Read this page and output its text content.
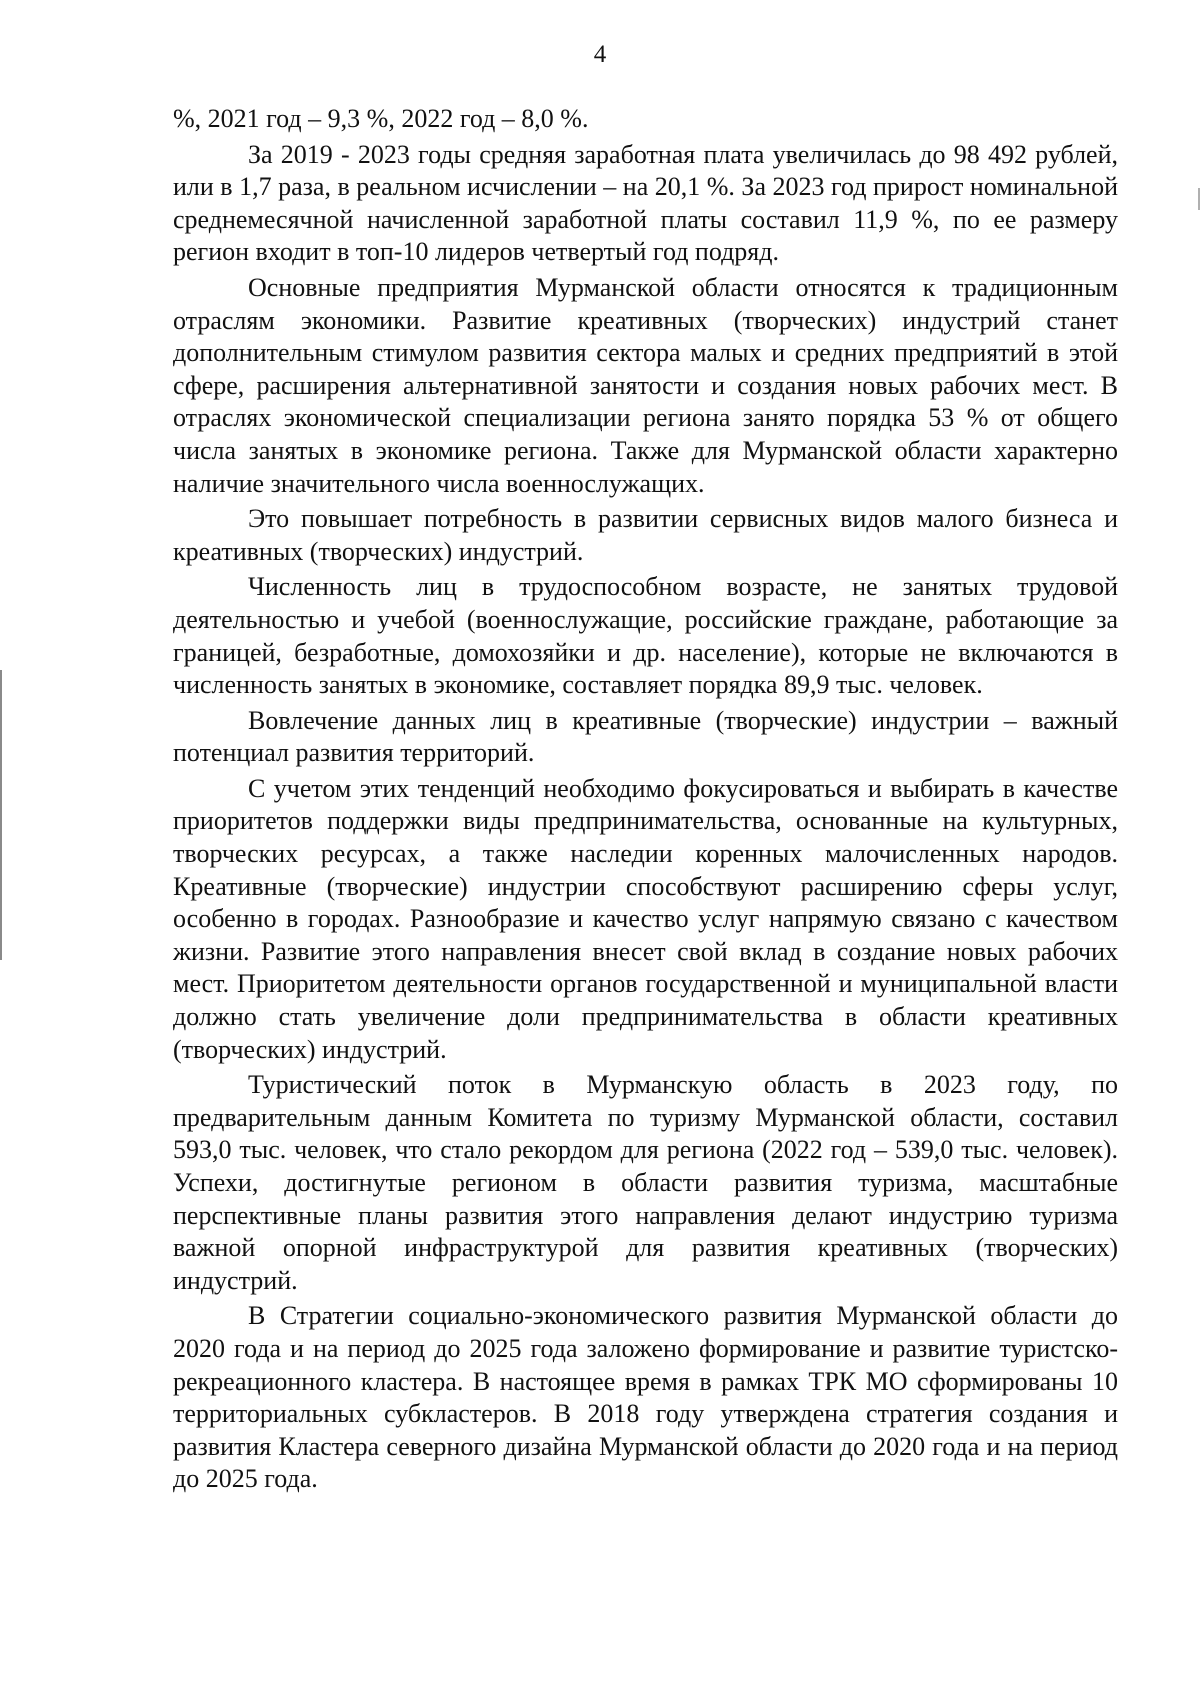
4

%, 2021 год – 9,3 %, 2022 год – 8,0 %.

За 2019 - 2023 годы средняя заработная плата увеличилась до 98 492 рублей, или в 1,7 раза, в реальном исчислении – на 20,1 %. За 2023 год прирост номинальной среднемесячной начисленной заработной платы составил 11,9 %, по ее размеру регион входит в топ-10 лидеров четвертый год подряд.

Основные предприятия Мурманской области относятся к традиционным отраслям экономики. Развитие креативных (творческих) индустрий станет дополнительным стимулом развития сектора малых и средних предприятий в этой сфере, расширения альтернативной занятости и создания новых рабочих мест. В отраслях экономической специализации региона занято порядка 53 % от общего числа занятых в экономике региона. Также для Мурманской области характерно наличие значительного числа военнослужащих.

Это повышает потребность в развитии сервисных видов малого бизнеса и креативных (творческих) индустрий.

Численность лиц в трудоспособном возрасте, не занятых трудовой деятельностью и учебой (военнослужащие, российские граждане, работающие за границей, безработные, домохозяйки и др. население), которые не включаются в численность занятых в экономике, составляет порядка 89,9 тыс. человек.

Вовлечение данных лиц в креативные (творческие) индустрии – важный потенциал развития территорий.

С учетом этих тенденций необходимо фокусироваться и выбирать в качестве приоритетов поддержки виды предпринимательства, основанные на культурных, творческих ресурсах, а также наследии коренных малочисленных народов. Креативные (творческие) индустрии способствуют расширению сферы услуг, особенно в городах. Разнообразие и качество услуг напрямую связано с качеством жизни. Развитие этого направления внесет свой вклад в создание новых рабочих мест. Приоритетом деятельности органов государственной и муниципальной власти должно стать увеличение доли предпринимательства в области креативных (творческих) индустрий.

Туристический поток в Мурманскую область в 2023 году, по предварительным данным Комитета по туризму Мурманской области, составил 593,0 тыс. человек, что стало рекордом для региона (2022 год – 539,0 тыс. человек). Успехи, достигнутые регионом в области развития туризма, масштабные перспективные планы развития этого направления делают индустрию туризма важной опорной инфраструктурой для развития креативных (творческих) индустрий.

В Стратегии социально-экономического развития Мурманской области до 2020 года и на период до 2025 года заложено формирование и развитие туристско-рекреационного кластера. В настоящее время в рамках ТРК МО сформированы 10 территориальных субкластеров. В 2018 году утверждена стратегия создания и развития Кластера северного дизайна Мурманской области до 2020 года и на период до 2025 года.
